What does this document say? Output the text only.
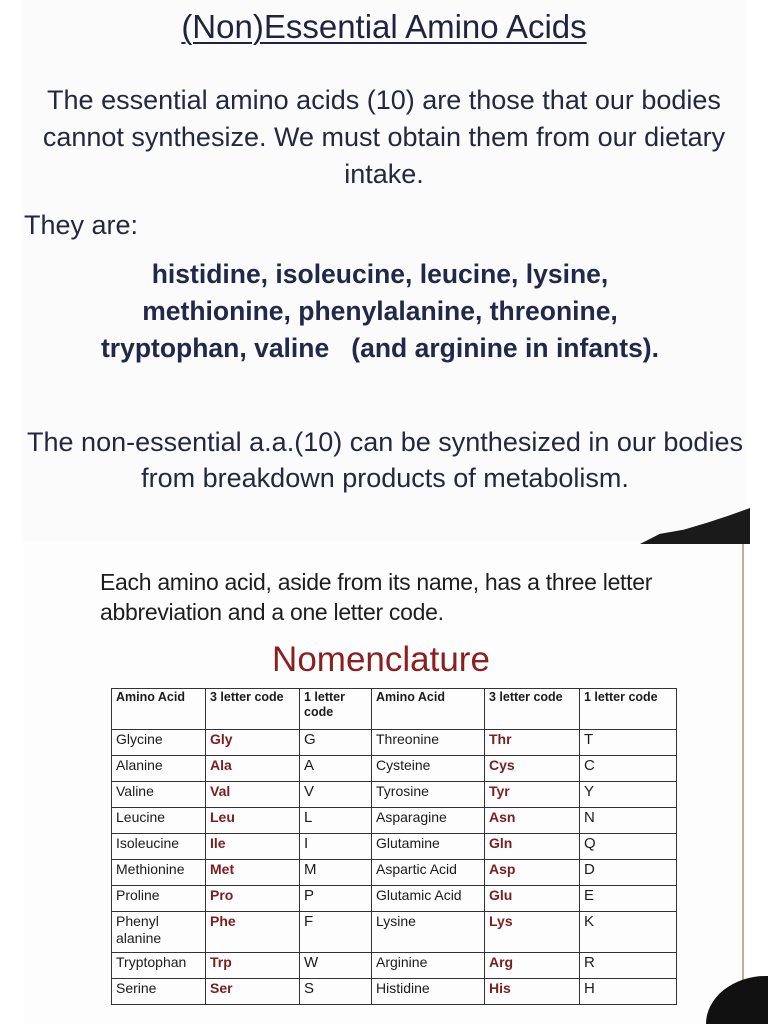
(Non)Essential Amino Acids

The essential amino acids (10) are those that our bodies cannot synthesize. We must obtain them from our dietary intake.

They are:

histidine, isoleucine, leucine, lysine,
methionine, phenylalanine, threonine,
tryptophan, valine   (and arginine in infants).

The non-essential a.a.(10) can be synthesized in our bodies from breakdown products of metabolism.

Each amino acid, aside from its name, has a three letter abbreviation and a one letter code.

Nomenclature
Amino Acid	3 letter code	1 letter code	Amino Acid	3 letter code	1 letter code
Glycine	Gly	G	Threonine	Thr	T
Alanine	Ala	A	Cysteine	Cys	C
Valine	Val	V	Tyrosine	Tyr	Y
Leucine	Leu	L	Asparagine	Asn	N
Isoleucine	Ile	I	Glutamine	Gln	Q
Methionine	Met	M	Aspartic Acid	Asp	D
Proline	Pro	P	Glutamic Acid	Glu	E
Phenyl alanine	Phe	F	Lysine	Lys	K
Tryptophan	Trp	W	Arginine	Arg	R
Serine	Ser	S	Histidine	His	H
